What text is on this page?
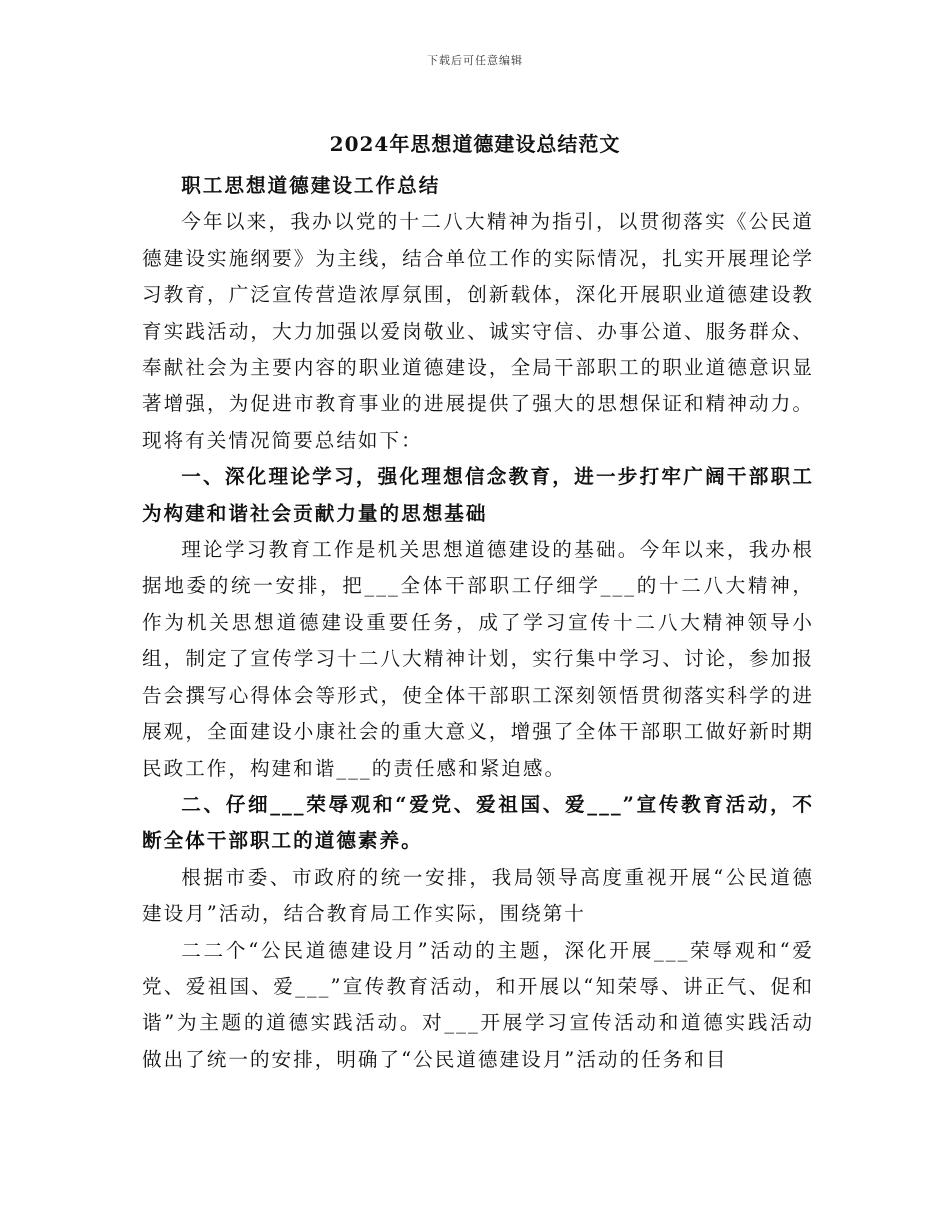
下载后可任意编辑
2024年思想道德建设总结范文

职工思想道德建设工作总结

今年以来，我办以党的十二八大精神为指引，以贯彻落实《公民道德建设实施纲要》为主线，结合单位工作的实际情况，扎实开展理论学习教育，广泛宣传营造浓厚氛围，创新载体，深化开展职业道德建设教育实践活动，大力加强以爱岗敬业、诚实守信、办事公道、服务群众、奉献社会为主要内容的职业道德建设，全局干部职工的职业道德意识显著增强，为促进市教育事业的进展提供了强大的思想保证和精神动力。现将有关情况简要总结如下：

一、深化理论学习，强化理想信念教育，进一步打牢广阔干部职工为构建和谐社会贡献力量的思想基础

理论学习教育工作是机关思想道德建设的基础。今年以来，我办根据地委的统一安排，把___全体干部职工仔细学___的十二八大精神，作为机关思想道德建设重要任务，成了学习宣传十二八大精神领导小组，制定了宣传学习十二八大精神计划，实行集中学习、讨论，参加报告会撰写心得体会等形式，使全体干部职工深刻领悟贯彻落实科学的进展观，全面建设小康社会的重大意义，增强了全体干部职工做好新时期民政工作，构建和谐___的责任感和紧迫感。

二、仔细___荣辱观和“爱党、爱祖国、爱___”宣传教育活动，不断全体干部职工的道德素养。

根据市委、市政府的统一安排，我局领导高度重视开展“公民道德建设月”活动，结合教育局工作实际，围绕第十

二二个“公民道德建设月”活动的主题，深化开展___荣辱观和“爱党、爱祖国、爱___”宣传教育活动，和开展以“知荣辱、讲正气、促和谐”为主题的道德实践活动。对___开展学习宣传活动和道德实践活动做出了统一的安排，明确了“公民道德建设月”活动的任务和目
